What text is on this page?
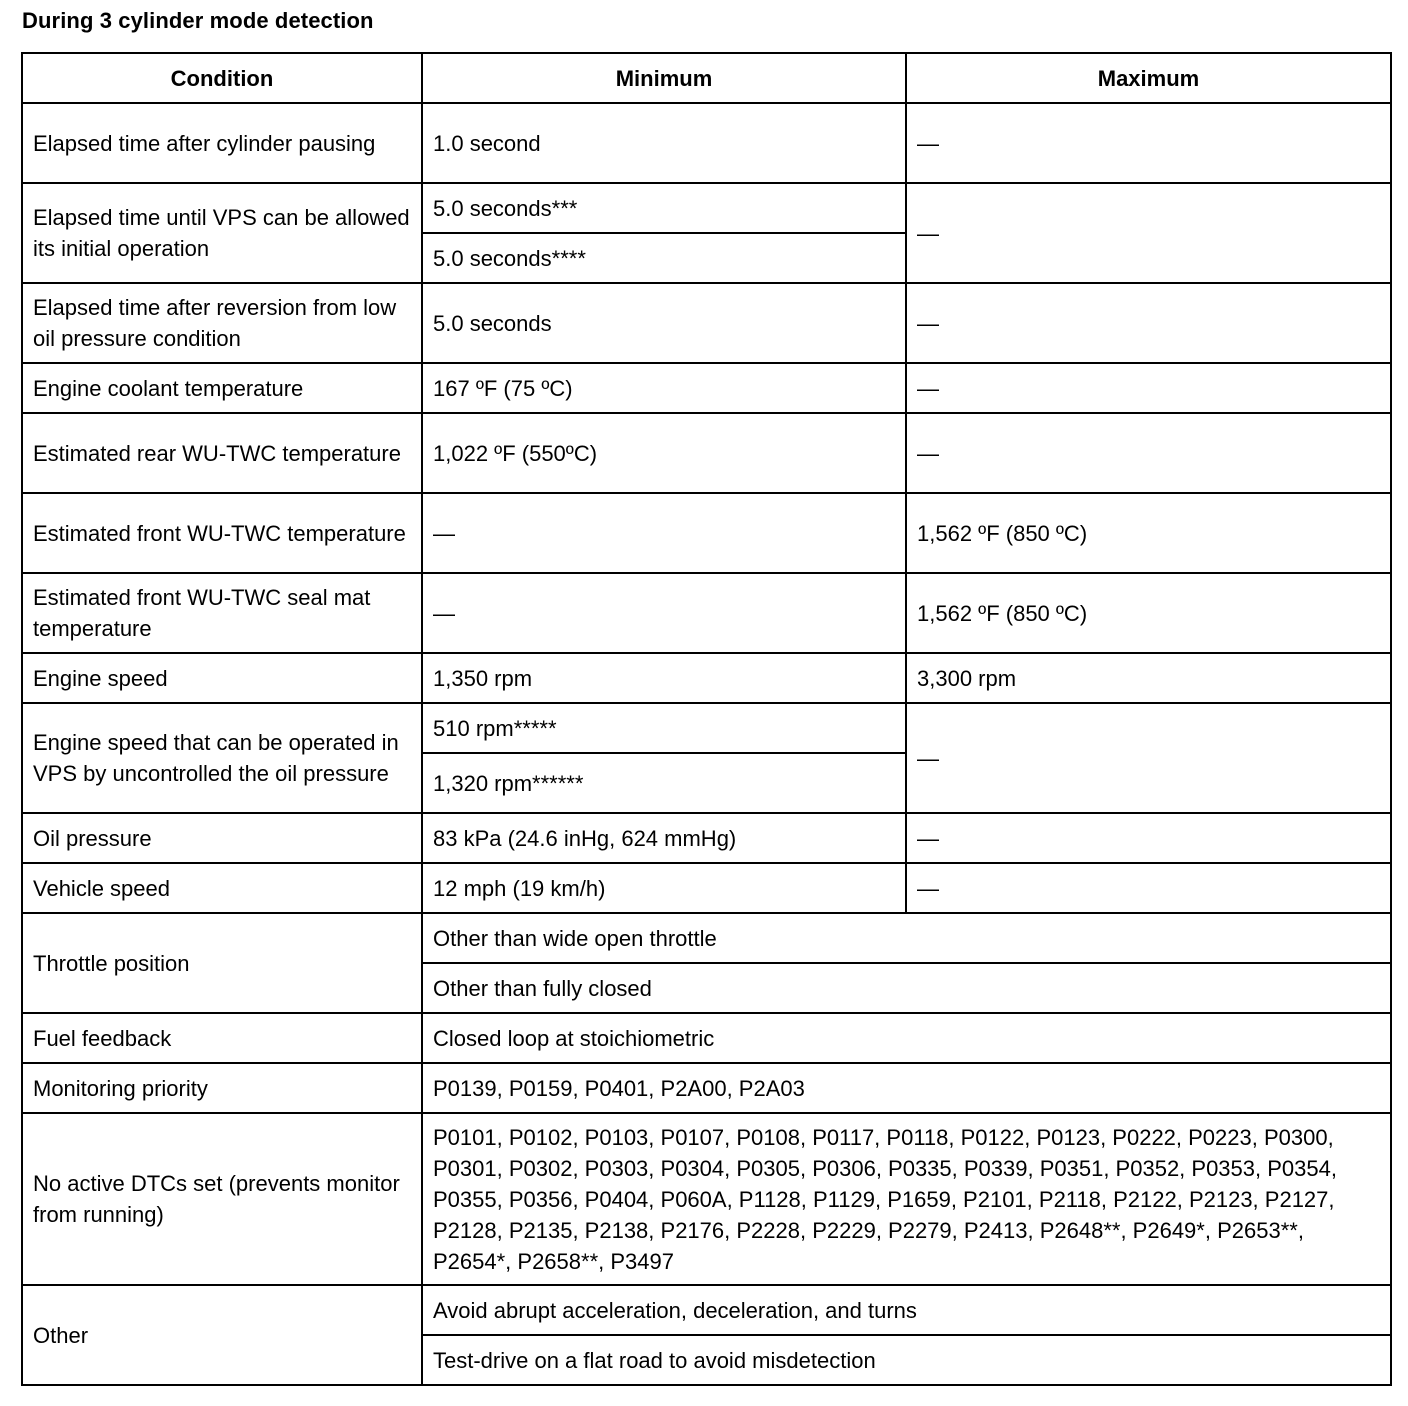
During 3 cylinder mode detection
Condition	Minimum	Maximum
Elapsed time after cylinder pausing	1.0 second	—
Elapsed time until VPS can be allowed its initial operation	5.0 seconds***	—
	5.0 seconds****	
Elapsed time after reversion from low oil pressure condition	5.0 seconds	—
Engine coolant temperature	167 ºF (75 ºC)	—
Estimated rear WU-TWC temperature	1,022 ºF (550ºC)	—
Estimated front WU-TWC temperature	—	1,562 ºF (850 ºC)
Estimated front WU-TWC seal mat temperature	—	1,562 ºF (850 ºC)
Engine speed	1,350 rpm	3,300 rpm
Engine speed that can be operated in VPS by uncontrolled the oil pressure	510 rpm*****	—
	1,320 rpm******	
Oil pressure	83 kPa (24.6 inHg, 624 mmHg)	—
Vehicle speed	12 mph (19 km/h)	—
Throttle position	Other than wide open throttle	
	Other than fully closed	
Fuel feedback	Closed loop at stoichiometric	
Monitoring priority	P0139, P0159, P0401, P2A00, P2A03	
No active DTCs set (prevents monitor from running)	P0101, P0102, P0103, P0107, P0108, P0117, P0118, P0122, P0123, P0222, P0223, P0300, P0301, P0302, P0303, P0304, P0305, P0306, P0335, P0339, P0351, P0352, P0353, P0354, P0355, P0356, P0404, P060A, P1128, P1129, P1659, P2101, P2118, P2122, P2123, P2127, P2128, P2135, P2138, P2176, P2228, P2229, P2279, P2413, P2648**, P2649*, P2653**, P2654*, P2658**, P3497	
Other	Avoid abrupt acceleration, deceleration, and turns	
	Test-drive on a flat road to avoid misdetection	
